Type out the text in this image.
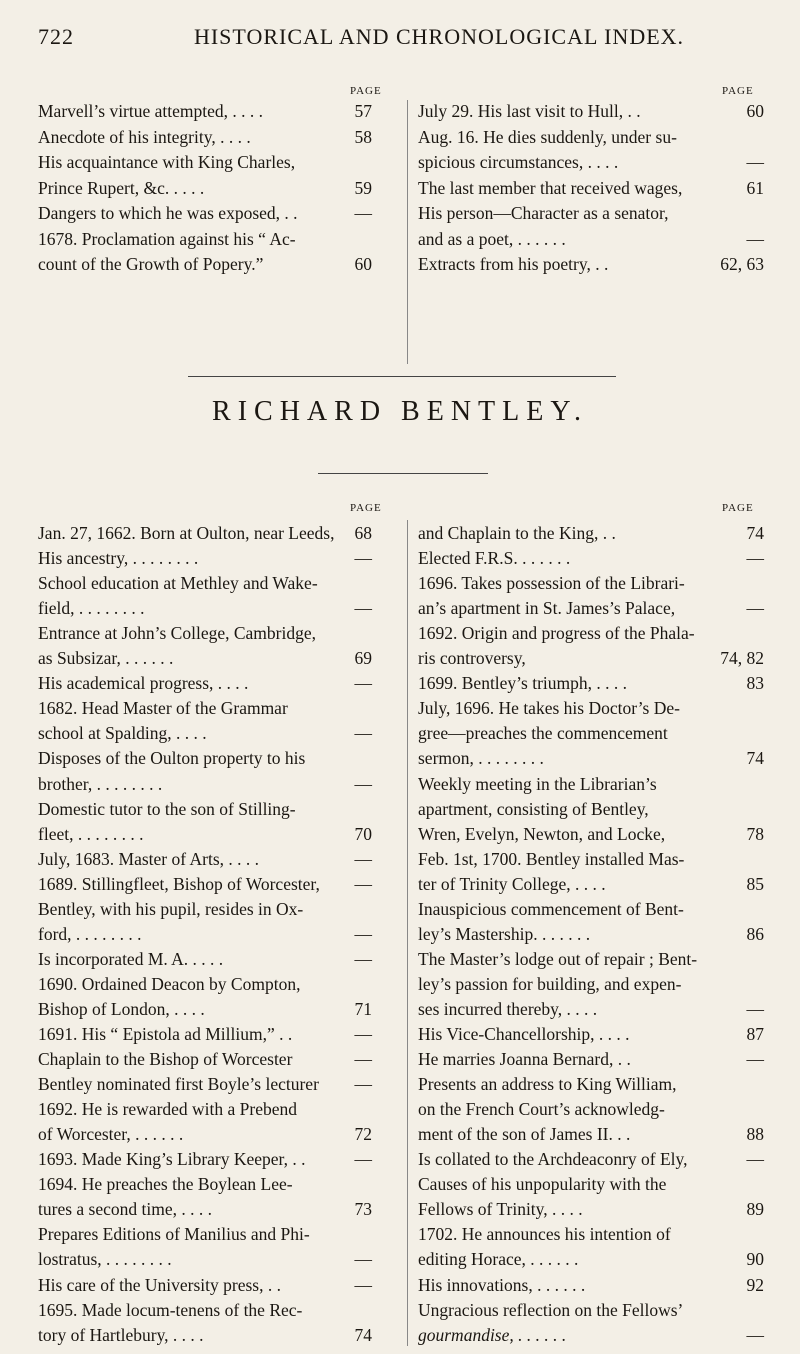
722	HISTORICAL AND CHRONOLOGICAL INDEX.
PAGE	PAGE
Marvell’s virtue attempted, . . . .	57
Anecdote of his integrity, . . . .	58
His acquaintance with King Charles,
Prince Rupert, &c. . . . .	59
Dangers to which he was exposed, . .	—
1678. Proclamation against his “ Ac-
count of the Growth of Popery.”	60
July 29. His last visit to Hull, . .	60
Aug. 16. He dies suddenly, under su-
spicious circumstances, . . . .	—
The last member that received wages,	61
His person—Character as a senator,
and as a poet, . . . . . .	—
Extracts from his poetry, . .	62, 63
RICHARD BENTLEY.
PAGE	PAGE
Jan. 27, 1662. Born at Oulton, near Leeds, 68
His ancestry, . . . . . . . .	—
School education at Methley and Wake-
field, . . . . . . . .	—
Entrance at John’s College, Cambridge,
as Subsizar, . . . . . .	69
His academical progress, . . . .	—
1682. Head Master of the Grammar
school at Spalding, . . . .	—
Disposes of the Oulton property to his
brother, . . . . . . . .	—
Domestic tutor to the son of Stilling-
fleet, . . . . . . . .	70
July, 1683. Master of Arts, . . . .	—
1689. Stillingfleet, Bishop of Worcester, —
Bentley, with his pupil, resides in Ox-
ford, . . . . . . . .	—
Is incorporated M. A. . . . .	—
1690. Ordained Deacon by Compton,
Bishop of London, . . . .	71
1691. His “ Epistola ad Millium,” . .	—
Chaplain to the Bishop of Worcester	—
Bentley nominated first Boyle’s lecturer —
1692. He is rewarded with a Prebend
of Worcester, . . . . . .	72
1693. Made King’s Library Keeper, . .	—
1694. He preaches the Boylean Lee-
tures a second time, . . . .	73
Prepares Editions of Manilius and Phi-
lostratus, . . . . . . . .	—
His care of the University press, . .	—
1695. Made locum-tenens of the Rec-
tory of Hartlebury, . . . .	74
and Chaplain to the King, . .	74
Elected F.R.S. . . . . . .	—
1696. Takes possession of the Librari-
an’s apartment in St. James’s Palace,	—
1692. Origin and progress of the Phala-
ris controversy,	74, 82
1699. Bentley’s triumph, . . . .	83
July, 1696. He takes his Doctor’s De-
gree—preaches the commencement
sermon, . . . . . . . .	74
Weekly meeting in the Librarian’s
apartment, consisting of Bentley,
Wren, Evelyn, Newton, and Locke,	78
Feb. 1st, 1700. Bentley installed Mas-
ter of Trinity College, . . . .	85
Inauspicious commencement of Bent-
ley’s Mastership. . . . . . .	86
The Master’s lodge out of repair ; Bent-
ley’s passion for building, and expen-
ses incurred thereby, . . . .	—
His Vice-Chancellorship, . . . .	87
He marries Joanna Bernard, . .	—
Presents an address to King William,
on the French Court’s acknowledg-
ment of the son of James II. . .	88
Is collated to the Archdeaconry of Ely,	—
Causes of his unpopularity with the
Fellows of Trinity, . . . .	89
1702. He announces his intention of
editing Horace, . . . . . .	90
His innovations, . . . . . .	92
Ungracious reflection on the Fellows’
gourmandise, . . . . . .	—
